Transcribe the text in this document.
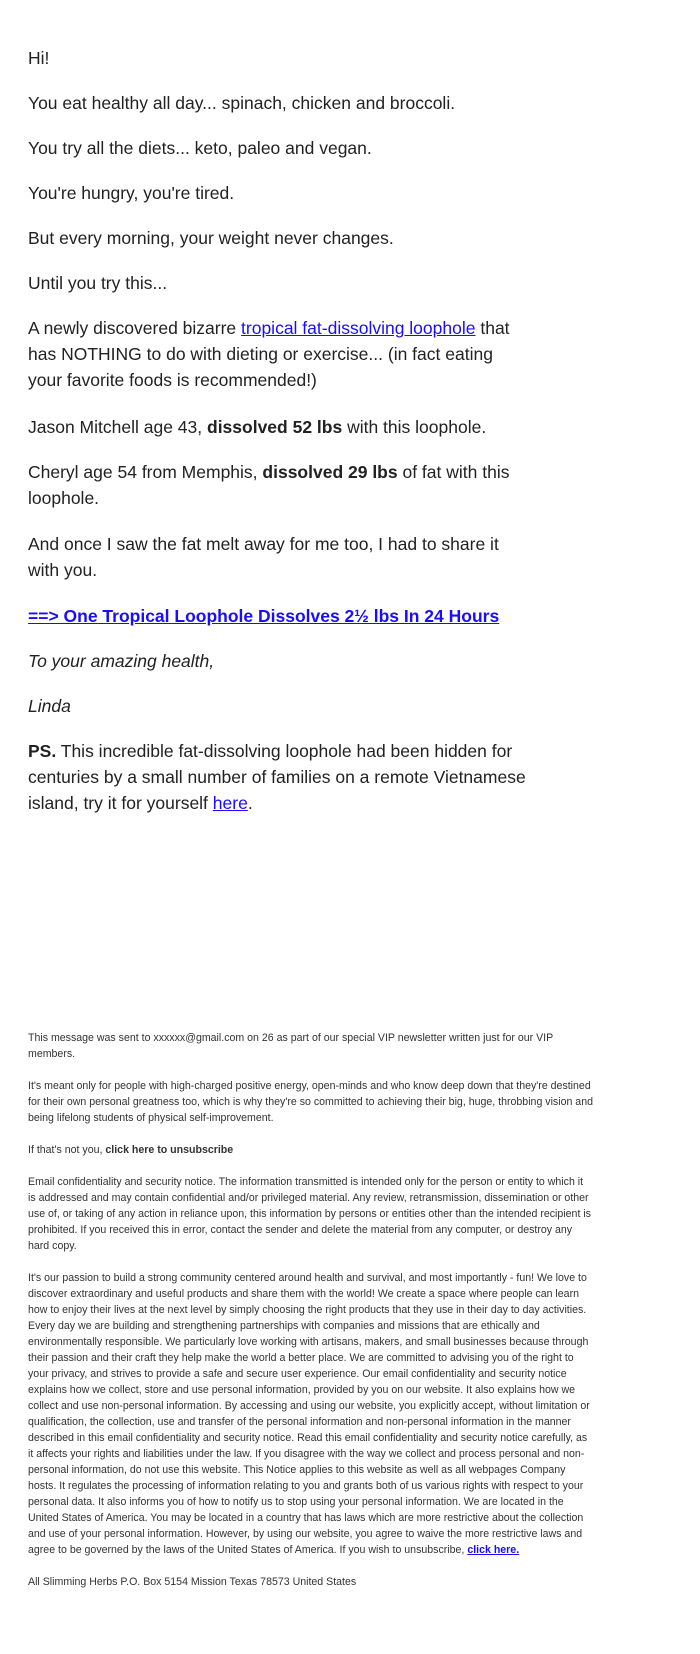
Hi!

You eat healthy all day... spinach, chicken and broccoli.

You try all the diets... keto, paleo and vegan.

You're hungry, you're tired.

But every morning, your weight never changes.

Until you try this...

A newly discovered bizarre tropical fat-dissolving loophole that has NOTHING to do with dieting or exercise... (in fact eating your favorite foods is recommended!)

Jason Mitchell age 43, dissolved 52 lbs with this loophole.

Cheryl age 54 from Memphis, dissolved 29 lbs of fat with this loophole.

And once I saw the fat melt away for me too, I had to share it with you.

==> One Tropical Loophole Dissolves 2½ lbs In 24 Hours

To your amazing health,

Linda

PS. This incredible fat-dissolving loophole had been hidden for centuries by a small number of families on a remote Vietnamese island, try it for yourself here.

This message was sent to xxxxxx@gmail.com on 26 as part of our special VIP newsletter written just for our VIP members.

It's meant only for people with high-charged positive energy, open-minds and who know deep down that they're destined for their own personal greatness too, which is why they're so committed to achieving their big, huge, throbbing vision and being lifelong students of physical self-improvement.

If that's not you, click here to unsubscribe

Email confidentiality and security notice. The information transmitted is intended only for the person or entity to which it is addressed and may contain confidential and/or privileged material. Any review, retransmission, dissemination or other use of, or taking of any action in reliance upon, this information by persons or entities other than the intended recipient is prohibited. If you received this in error, contact the sender and delete the material from any computer, or destroy any hard copy.

It's our passion to build a strong community centered around health and survival, and most importantly - fun! We love to discover extraordinary and useful products and share them with the world! We create a space where people can learn how to enjoy their lives at the next level by simply choosing the right products that they use in their day to day activities. Every day we are building and strengthening partnerships with companies and missions that are ethically and environmentally responsible. We particularly love working with artisans, makers, and small businesses because through their passion and their craft they help make the world a better place. We are committed to advising you of the right to your privacy, and strives to provide a safe and secure user experience. Our email confidentiality and security notice explains how we collect, store and use personal information, provided by you on our website. It also explains how we collect and use non-personal information. By accessing and using our website, you explicitly accept, without limitation or qualification, the collection, use and transfer of the personal information and non-personal information in the manner described in this email confidentiality and security notice. Read this email confidentiality and security notice carefully, as it affects your rights and liabilities under the law. If you disagree with the way we collect and process personal and non-personal information, do not use this website. This Notice applies to this website as well as all webpages Company hosts. It regulates the processing of information relating to you and grants both of us various rights with respect to your personal data. It also informs you of how to notify us to stop using your personal information. We are located in the United States of America. You may be located in a country that has laws which are more restrictive about the collection and use of your personal information. However, by using our website, you agree to waive the more restrictive laws and agree to be governed by the laws of the United States of America. If you wish to unsubscribe, click here.

All Slimming Herbs P.O. Box 5154 Mission Texas 78573 United States
